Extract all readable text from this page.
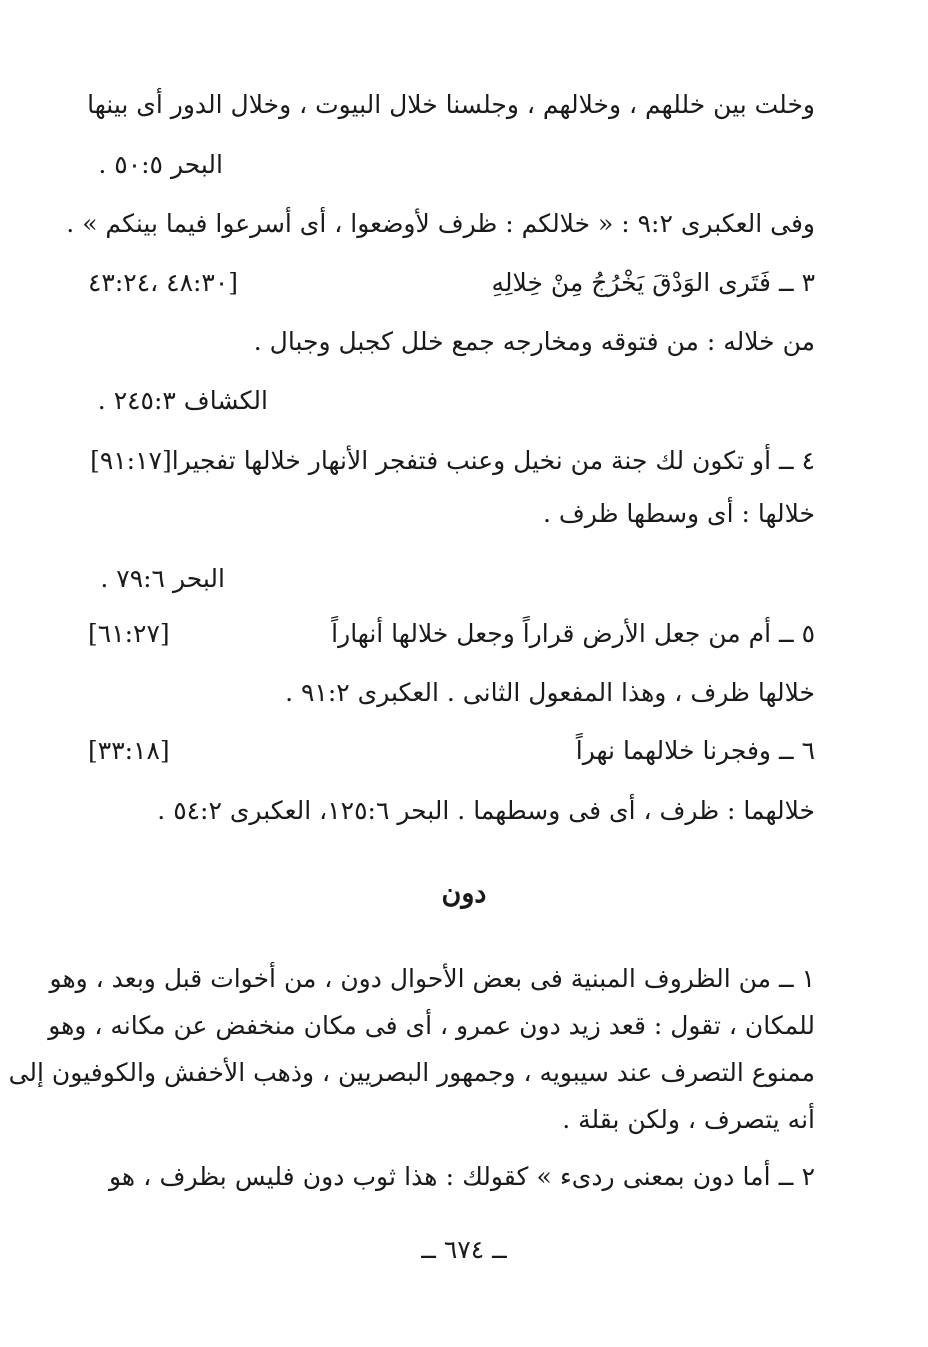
وخلت بين خللهم ، وخلالهم ، وجلسنا خلال البيوت ، وخلال الدور أى بينها
البحر ٥٠:٥ .
وفى العكبرى ٩:٢ : « خلالكم : ظرف لأوضعوا ، أى أسرعوا فيما بينكم » .
٣ ــ فَتَرى الوَدْقَ يَخْرُجُ مِنْ خِلالِهِ
[٤٨:٣٠ ،٤٣:٢٤
من خلاله : من فتوقه ومخارجه جمع خلل كجبل وجبال .
الكشاف ٢٤٥:٣ .
٤ ــ أو تكون لك جنة من نخيل وعنب فتفجر الأنهار خلالها تفجيرا[٩١:١٧]
خلالها : أى وسطها ظرف .
البحر ٧٩:٦ .
٥ ــ أم من جعل الأرض قراراً وجعل خلالها أنهاراً
[٦١:٢٧]
خلالها ظرف ، وهذا المفعول الثانى . العكبرى ٩١:٢ .
٦ ــ وفجرنا خلالهما نهراً
[٣٣:١٨]
خلالهما : ظرف ، أى فى وسطهما . البحر ١٢٥:٦، العكبرى ٥٤:٢ .
دون
١ ــ من الظروف المبنية فى بعض الأحوال دون ، من أخوات قبل وبعد ، وهو
للمكان ، تقول : قعد زيد دون عمرو ، أى فى مكان منخفض عن مكانه ، وهو
ممنوع التصرف عند سيبويه ، وجمهور البصريين ، وذهب الأخفش والكوفيون إلى
أنه يتصرف ، ولكن بقلة .
٢ ــ أما دون بمعنى ردىء » كقولك : هذا ثوب دون فليس بظرف ، هو
ــ ٦٧٤ ــ
